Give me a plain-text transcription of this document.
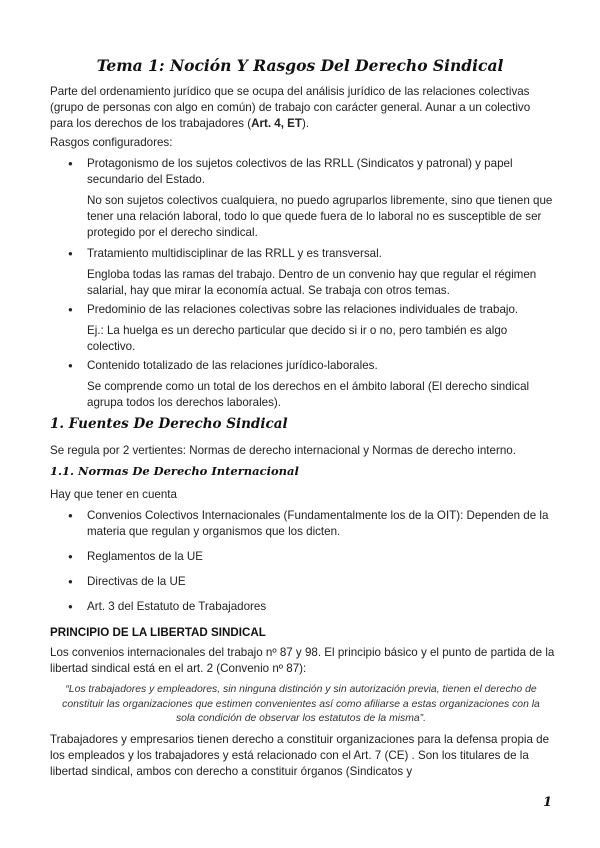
Tema 1: Noción Y Rasgos Del Derecho Sindical

Parte del ordenamiento jurídico que se ocupa del análisis jurídico de las relaciones colectivas (grupo de personas con algo en común) de trabajo con carácter general. Aunar a un colectivo para los derechos de los trabajadores (Art. 4, ET).

Rasgos configuradores:

● Protagonismo de los sujetos colectivos de las RRLL (Sindicatos y patronal) y papel secundario del Estado.

No son sujetos colectivos cualquiera, no puedo agruparlos libremente, sino que tienen que tener una relación laboral, todo lo que quede fuera de lo laboral no es susceptible de ser protegido por el derecho sindical.

● Tratamiento multidisciplinar de las RRLL y es transversal.

Engloba todas las ramas del trabajo. Dentro de un convenio hay que regular el régimen salarial, hay que mirar la economía actual. Se trabaja con otros temas.

● Predominio de las relaciones colectivas sobre las relaciones individuales de trabajo.

Ej.: La huelga es un derecho particular que decido si ir o no, pero también es algo colectivo.

● Contenido totalizado de las relaciones jurídico-laborales.

Se comprende como un total de los derechos en el ámbito laboral (El derecho sindical agrupa todos los derechos laborales).

1. Fuentes De Derecho Sindical

Se regula por 2 vertientes: Normas de derecho internacional y Normas de derecho interno.

1.1. Normas De Derecho Internacional

Hay que tener en cuenta

● Convenios Colectivos Internacionales (Fundamentalmente los de la OIT): Dependen de la materia que regulan y organismos que los dicten.

● Reglamentos de la UE

● Directivas de la UE

● Art. 3 del Estatuto de Trabajadores

PRINCIPIO DE LA LIBERTAD SINDICAL

Los convenios internacionales del trabajo nº 87 y 98. El principio básico y el punto de partida de la libertad sindical está en el art. 2 (Convenio nº 87):

“Los trabajadores y empleadores, sin ninguna distinción y sin autorización previa, tienen el derecho de constituir las organizaciones que estimen convenientes así como afiliarse a estas organizaciones con la sola condición de observar los estatutos de la misma”.

Trabajadores y empresarios tienen derecho a constituir organizaciones para la defensa propia de los empleados y los trabajadores y está relacionado con el Art. 7 (CE) . Son los titulares de la libertad sindical, ambos con derecho a constituir órganos (Sindicatos y

1
